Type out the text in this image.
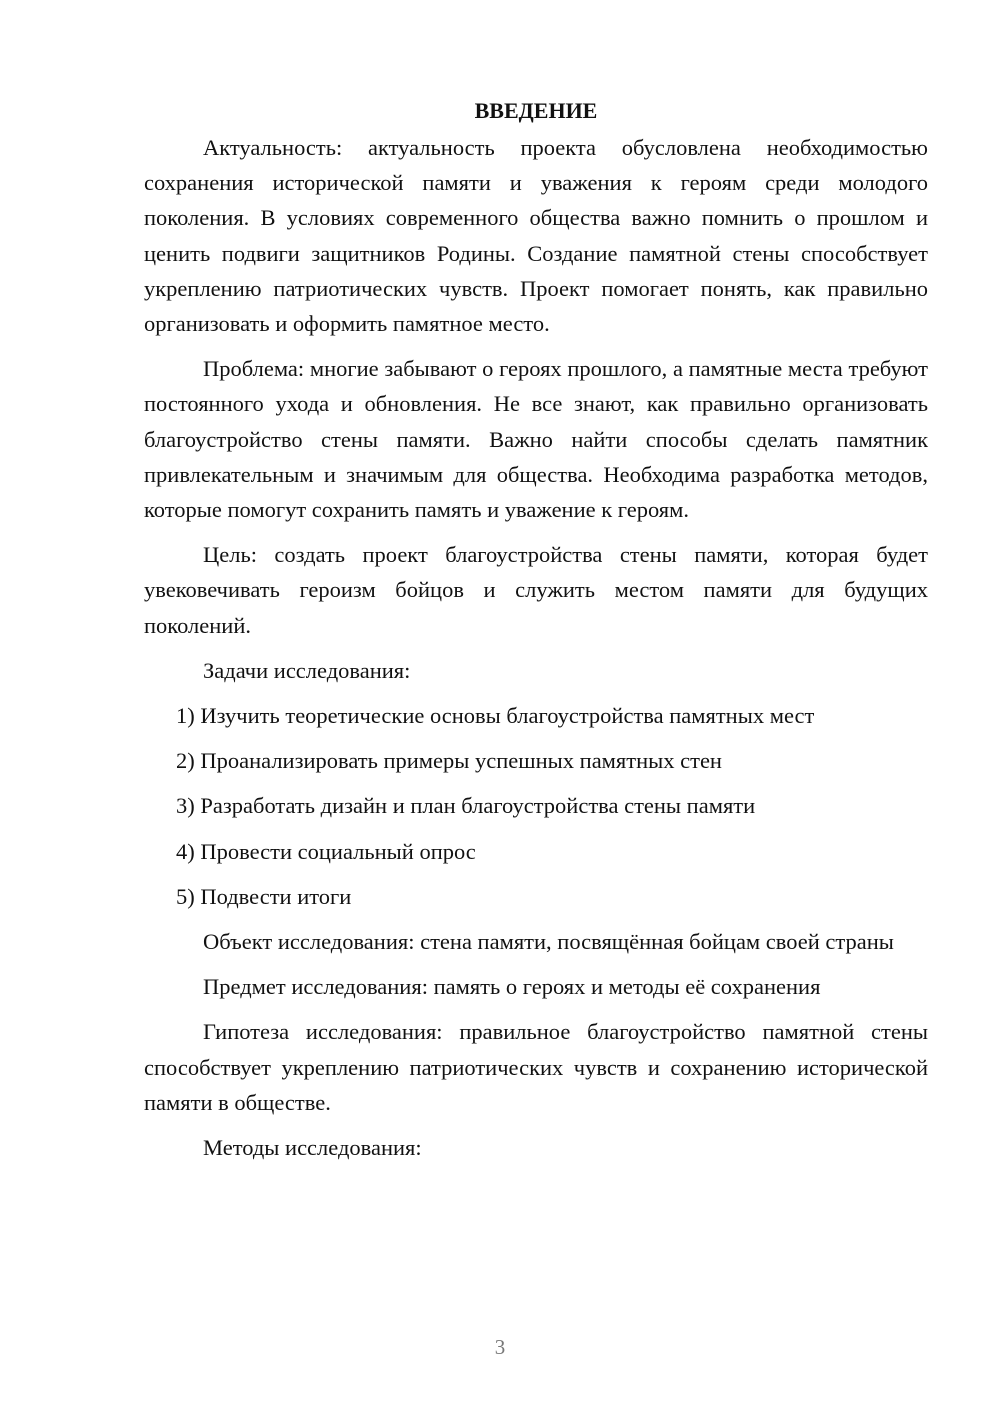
ВВЕДЕНИЕ

Актуальность: актуальность проекта обусловлена необходимостью сохранения исторической памяти и уважения к героям среди молодого поколения. В условиях современного общества важно помнить о прошлом и ценить подвиги защитников Родины. Создание памятной стены способствует укреплению патриотических чувств. Проект помогает понять, как правильно организовать и оформить памятное место.

Проблема: многие забывают о героях прошлого, а памятные места требуют постоянного ухода и обновления. Не все знают, как правильно организовать благоустройство стены памяти. Важно найти способы сделать памятник привлекательным и значимым для общества. Необходима разработка методов, которые помогут сохранить память и уважение к героям.

Цель: создать проект благоустройства стены памяти, которая будет увековечивать героизм бойцов и служить местом памяти для будущих поколений.

Задачи исследования:

1) Изучить теоретические основы благоустройства памятных мест
2) Проанализировать примеры успешных памятных стен
3) Разработать дизайн и план благоустройства стены памяти
4) Провести социальный опрос
5) Подвести итоги

Объект исследования: стена памяти, посвящённая бойцам своей страны

Предмет исследования: память о героях и методы её сохранения

Гипотеза исследования: правильное благоустройство памятной стены способствует укреплению патриотических чувств и сохранению исторической памяти в обществе.

Методы исследования:

3
